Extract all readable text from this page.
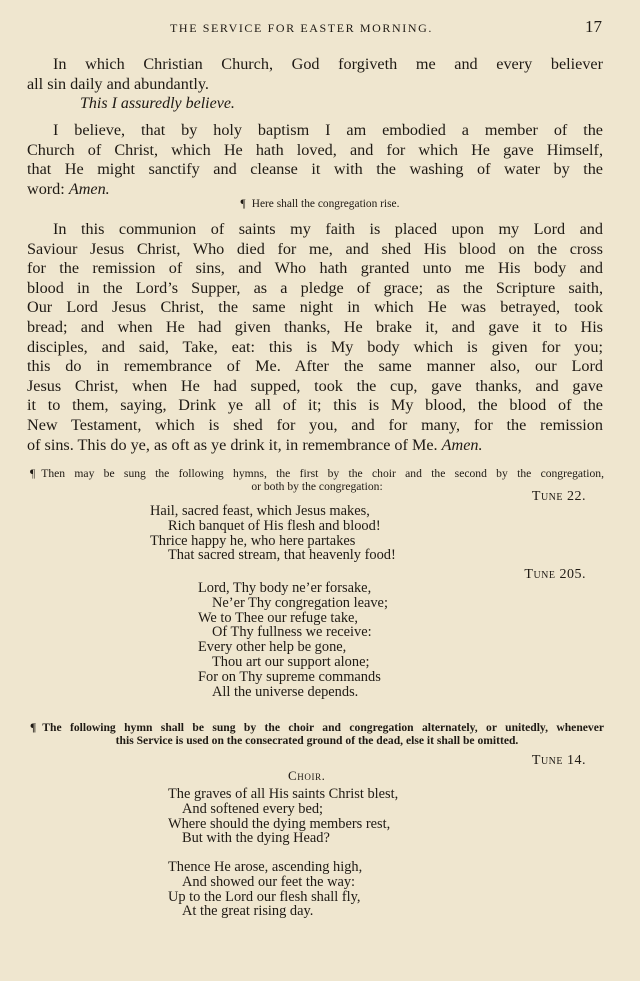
THE SERVICE FOR EASTER MORNING.	17
In which Christian Church, God forgiveth me and every believer
all sin daily and abundantly.
This I assuredly believe.
I believe, that by holy baptism I am embodied a member of the
Church of Christ, which He hath loved, and for which He gave Himself,
that He might sanctify and cleanse it with the washing of water by the
word: Amen.
¶ Here shall the congregation rise.
In this communion of saints my faith is placed upon my Lord and
Saviour Jesus Christ, Who died for me, and shed His blood on the cross
for the remission of sins, and Who hath granted unto me His body and
blood in the Lord’s Supper, as a pledge of grace; as the Scripture saith,
Our Lord Jesus Christ, the same night in which He was betrayed, took
bread; and when He had given thanks, He brake it, and gave it to His
disciples, and said, Take, eat: this is My body which is given for you;
this do in remembrance of Me. After the same manner also, our Lord
Jesus Christ, when He had supped, took the cup, gave thanks, and gave
it to them, saying, Drink ye all of it; this is My blood, the blood of the
New Testament, which is shed for you, and for many, for the remission
of sins. This do ye, as oft as ye drink it, in remembrance of Me. Amen.
¶ Then may be sung the following hymns, the first by the choir and the second by the congregation,
or both by the congregation:
Tune 22.
Hail, sacred feast, which Jesus makes,
Rich banquet of His flesh and blood!
Thrice happy he, who here partakes
That sacred stream, that heavenly food!
Tune 205.
Lord, Thy body ne’er forsake,
Ne’er Thy congregation leave;
We to Thee our refuge take,
Of Thy fullness we receive:
Every other help be gone,
Thou art our support alone;
For on Thy supreme commands
All the universe depends.
¶ The following hymn shall be sung by the choir and congregation alternately, or unitedly, whenever
this Service is used on the consecrated ground of the dead, else it shall be omitted.
Tune 14.
Choir.
The graves of all His saints Christ blest,
And softened every bed;
Where should the dying members rest,
But with the dying Head?
Thence He arose, ascending high,
And showed our feet the way:
Up to the Lord our flesh shall fly,
At the great rising day.
